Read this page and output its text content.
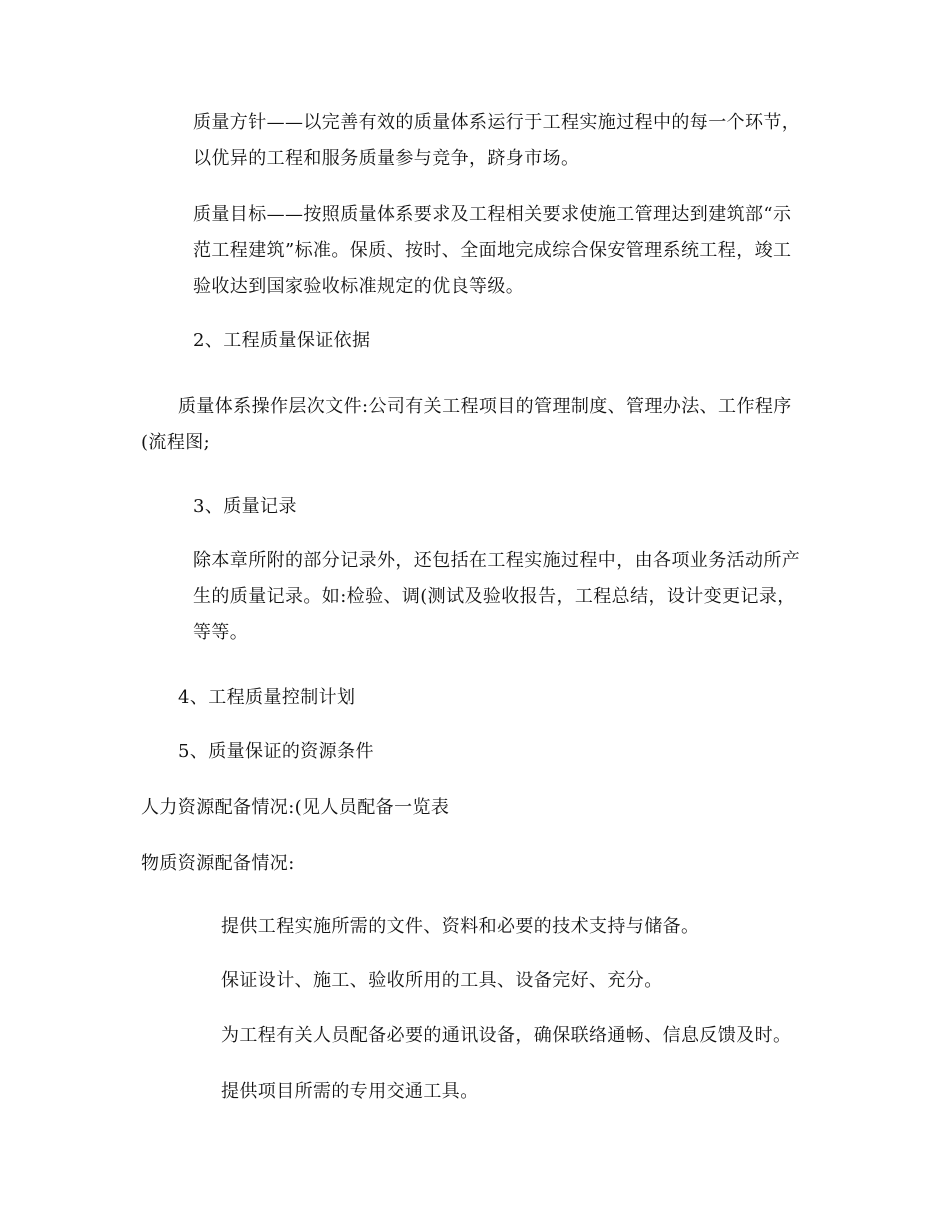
质量方针——以完善有效的质量体系运行于工程实施过程中的每一个环节，
以优异的工程和服务质量参与竞争，跻身市场。
质量目标——按照质量体系要求及工程相关要求使施工管理达到建筑部“示
范工程建筑”标准。保质、按时、全面地完成综合保安管理系统工程，竣工
验收达到国家验收标准规定的优良等级。
2、工程质量保证依据
质量体系操作层次文件:公司有关工程项目的管理制度、管理办法、工作程序
(流程图;
3、质量记录
除本章所附的部分记录外，还包括在工程实施过程中，由各项业务活动所产
生的质量记录。如:检验、调(测试及验收报告，工程总结，设计变更记录，
等等。
4、工程质量控制计划
5、质量保证的资源条件
人力资源配备情况:(见人员配备一览表
物质资源配备情况:
提供工程实施所需的文件、资料和必要的技术支持与储备。
保证设计、施工、验收所用的工具、设备完好、充分。
为工程有关人员配备必要的通讯设备，确保联络通畅、信息反馈及时。
提供项目所需的专用交通工具。
